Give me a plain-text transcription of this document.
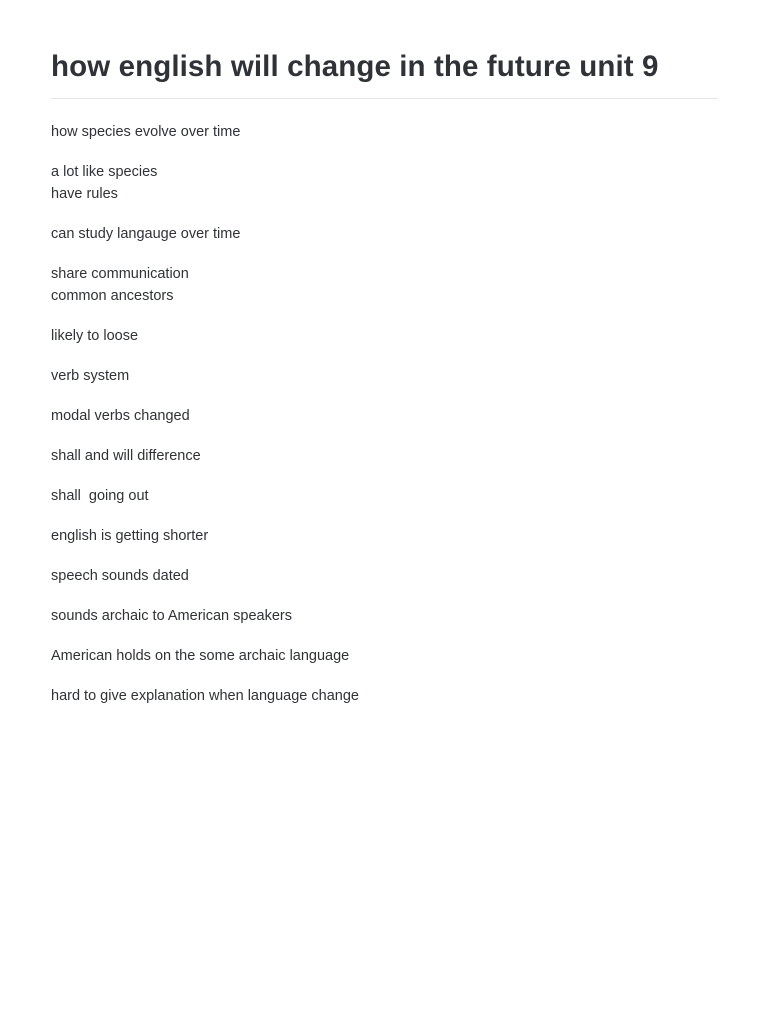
how english will change in the future unit 9
how species evolve over time
a lot like species
have rules
can study langauge over time
share communication
common ancestors
likely to loose
verb system
modal verbs changed
shall and will difference
shall  going out
english is getting shorter
speech sounds dated
sounds archaic to American speakers
American holds on the some archaic language
hard to give explanation when language change
